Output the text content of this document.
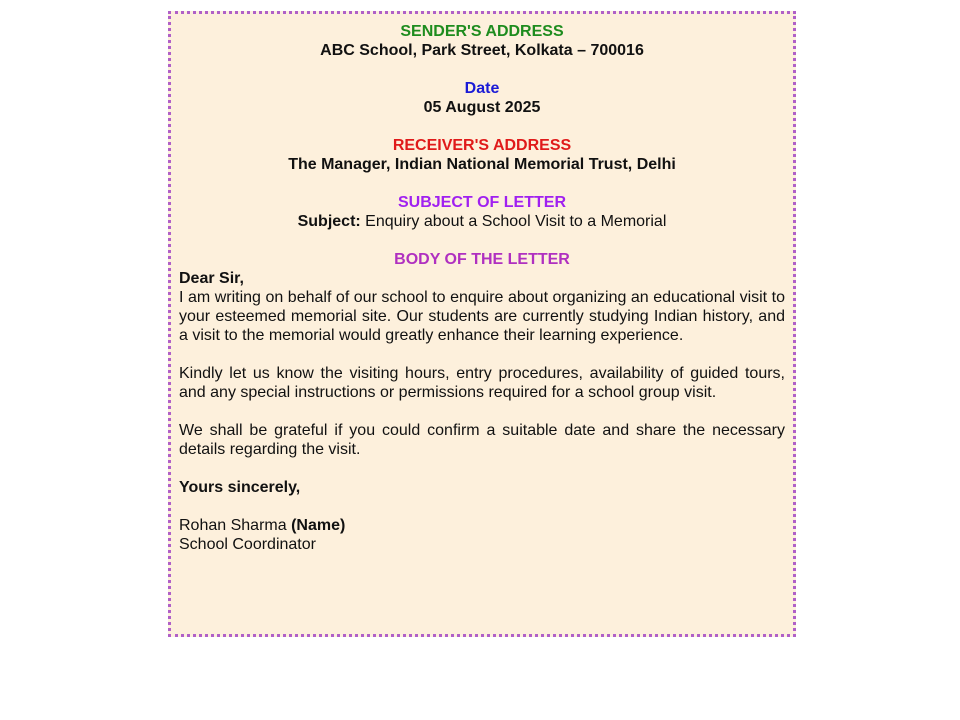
SENDER'S ADDRESS
ABC School, Park Street, Kolkata – 700016
Date
05 August 2025
RECEIVER'S ADDRESS
The Manager, Indian National Memorial Trust, Delhi
SUBJECT OF LETTER
Subject: Enquiry about a School Visit to a Memorial
BODY OF THE LETTER
Dear Sir,

I am writing on behalf of our school to enquire about organizing an educational visit to your esteemed memorial site. Our students are currently studying Indian history, and a visit to the memorial would greatly enhance their learning experience.

Kindly let us know the visiting hours, entry procedures, availability of guided tours, and any special instructions or permissions required for a school group visit.

We shall be grateful if you could confirm a suitable date and share the necessary details regarding the visit.

Yours sincerely,
Rohan Sharma (Name)
School Coordinator
